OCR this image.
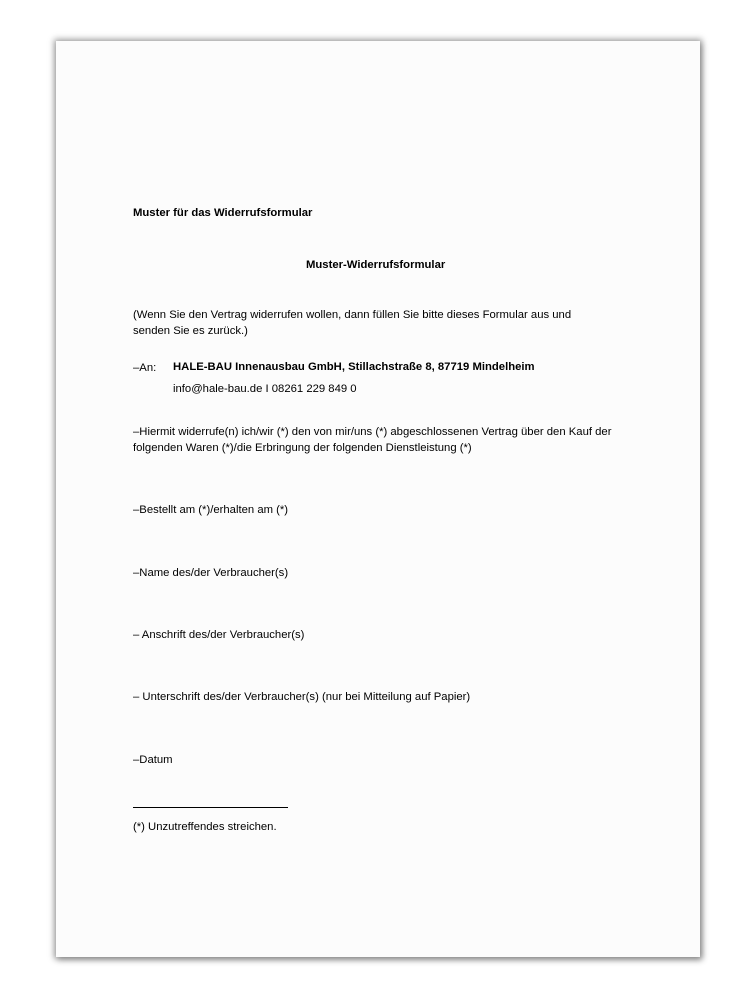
Muster für das Widerrufsformular
Muster-Widerrufsformular
(Wenn Sie den Vertrag widerrufen wollen, dann füllen Sie bitte dieses Formular aus und senden Sie es zurück.)
–An: HALE-BAU Innenausbau GmbH, Stillachstraße 8, 87719 Mindelheim
info@hale-bau.de I 08261 229 849 0
–Hiermit widerrufe(n) ich/wir (*) den von mir/uns (*) abgeschlossenen Vertrag über den Kauf der folgenden Waren (*)/die Erbringung der folgenden Dienstleistung (*)
–Bestellt am (*)/erhalten am (*)
–Name des/der Verbraucher(s)
– Anschrift des/der Verbraucher(s)
– Unterschrift des/der Verbraucher(s) (nur bei Mitteilung auf Papier)
–Datum
(*) Unzutreffendes streichen.
